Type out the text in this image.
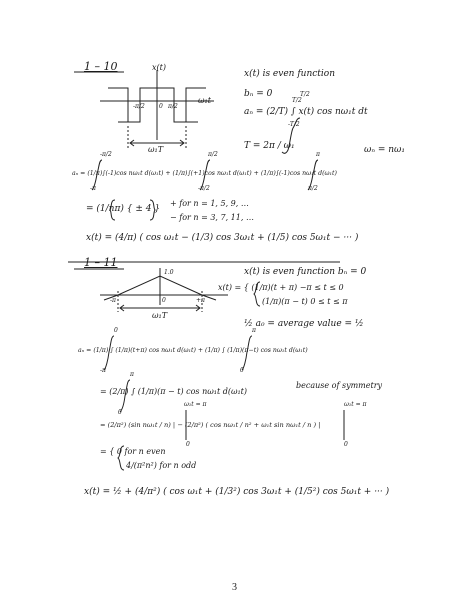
1 – 10	x(t)
ω₁t
-π/2 0 π/2
ω₁T
x(t) is even function
bₙ = 0	T/2
aₙ = (2/T) ∫ x(t) cos nω₁t dt
T/2
-T/2
T = 2π / ω₁	ωₙ = nω₁
-π/2
-π
π/2
-π/2
π
π/2
aₙ = (1/π)∫(-1)cos nω₁t d(ω₁t) + (1/π)∫(+1)cos nω₁t d(ω₁t) + (1/π)∫(-1)cos nω₁t d(ω₁t)
= (1/nπ) { ± 4 }
+ for n = 1, 5, 9, …
− for n = 3, 7, 11, …
x(t) = (4/π) ( cos ω₁t − (1/3) cos 3ω₁t + (1/5) cos 5ω₁t − ··· )
1 – 11
1.0
-π	0	+π
ω₁T
x(t) is even function bₙ = 0
x(t) = { (1/π)(t + π) −π ≤ t ≤ 0
(1/π)(π − t) 0 ≤ t ≤ π
½ a₀ = average value = ½
0
-π
π
0
aₙ = (1/π) ∫ (1/π)(t+π) cos nω₁t d(ω₁t) + (1/π) ∫ (1/π)(π−t) cos nω₁t d(ω₁t)
π
0
= (2/π) ∫ (1/π)(π − t) cos nω₁t d(ω₁t)
because of symmetry
= (2/π²) (sin nω₁t / n) | − (2/π²) ( cos nω₁t / n² + ω₁t sin nω₁t / n ) |
ω₁t = π
0
ω₁t = π
0
= { 0 for n even
4/(π²n²) for n odd
x(t) = ½ + (4/π²) ( cos ω₁t + (1/3²) cos 3ω₁t + (1/5²) cos 5ω₁t + ··· )
3
